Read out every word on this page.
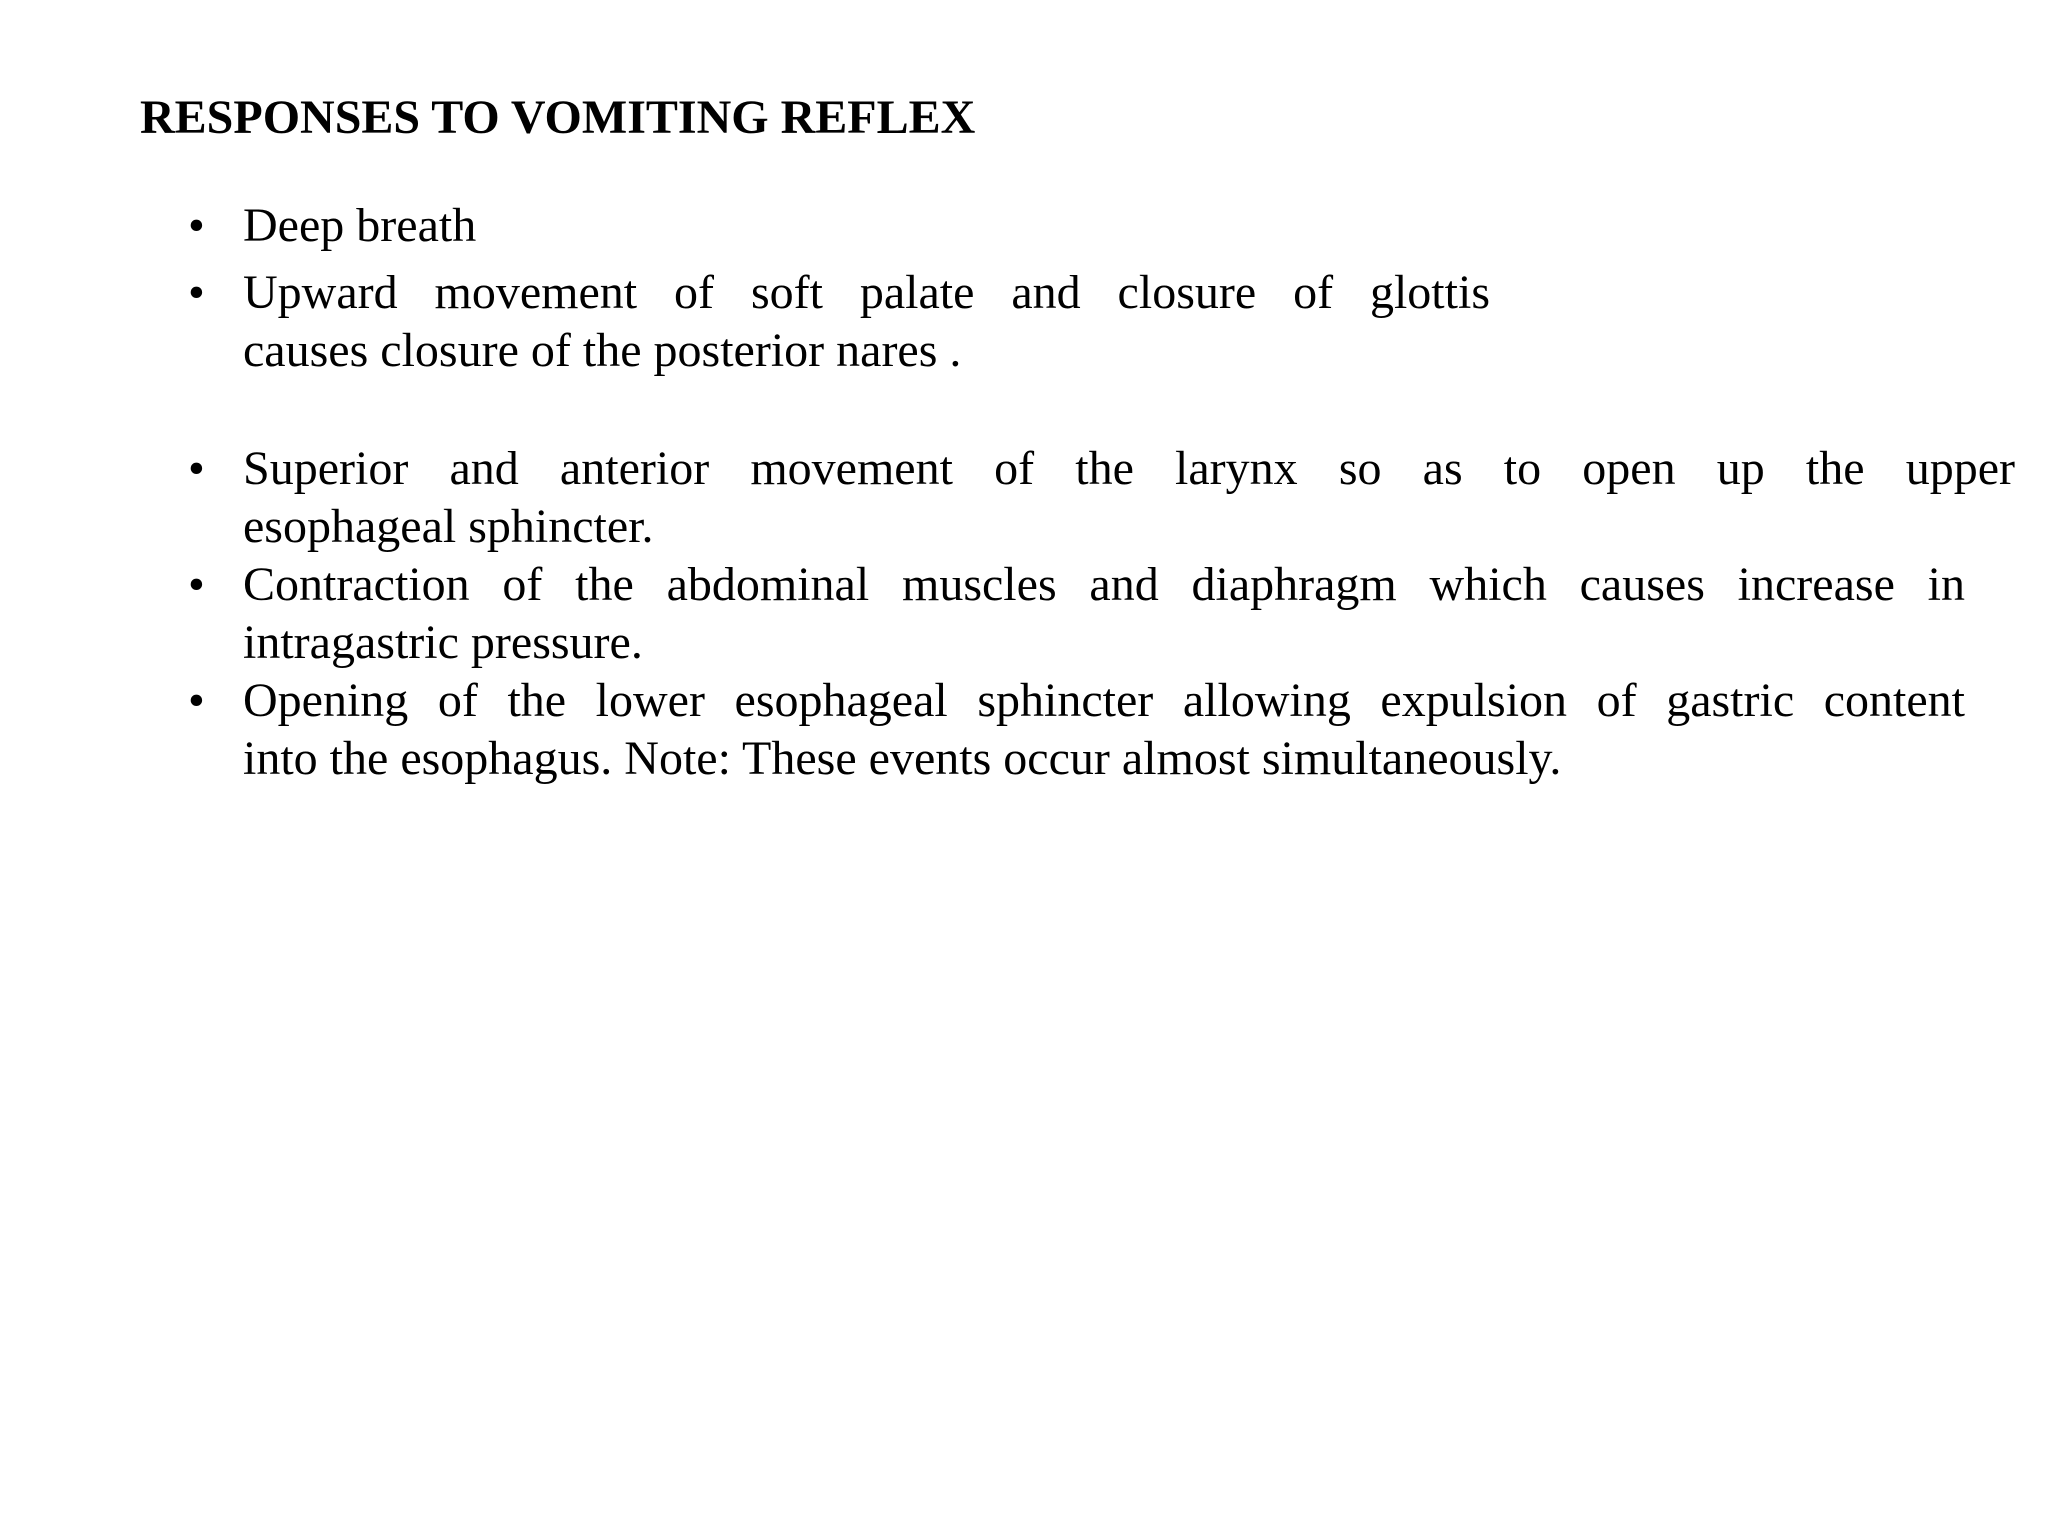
RESPONSES TO VOMITING REFLEX
• Deep breath
• Upward movement of soft palate and closure of glottis
causes closure of the posterior nares .
• Superior and anterior movement of the larynx so as to open up the upper
esophageal sphincter.
• Contraction of the abdominal muscles and diaphragm which causes increase in
intragastric pressure.
• Opening of the lower esophageal sphincter allowing expulsion of gastric content
into the esophagus. Note: These events occur almost simultaneously.
